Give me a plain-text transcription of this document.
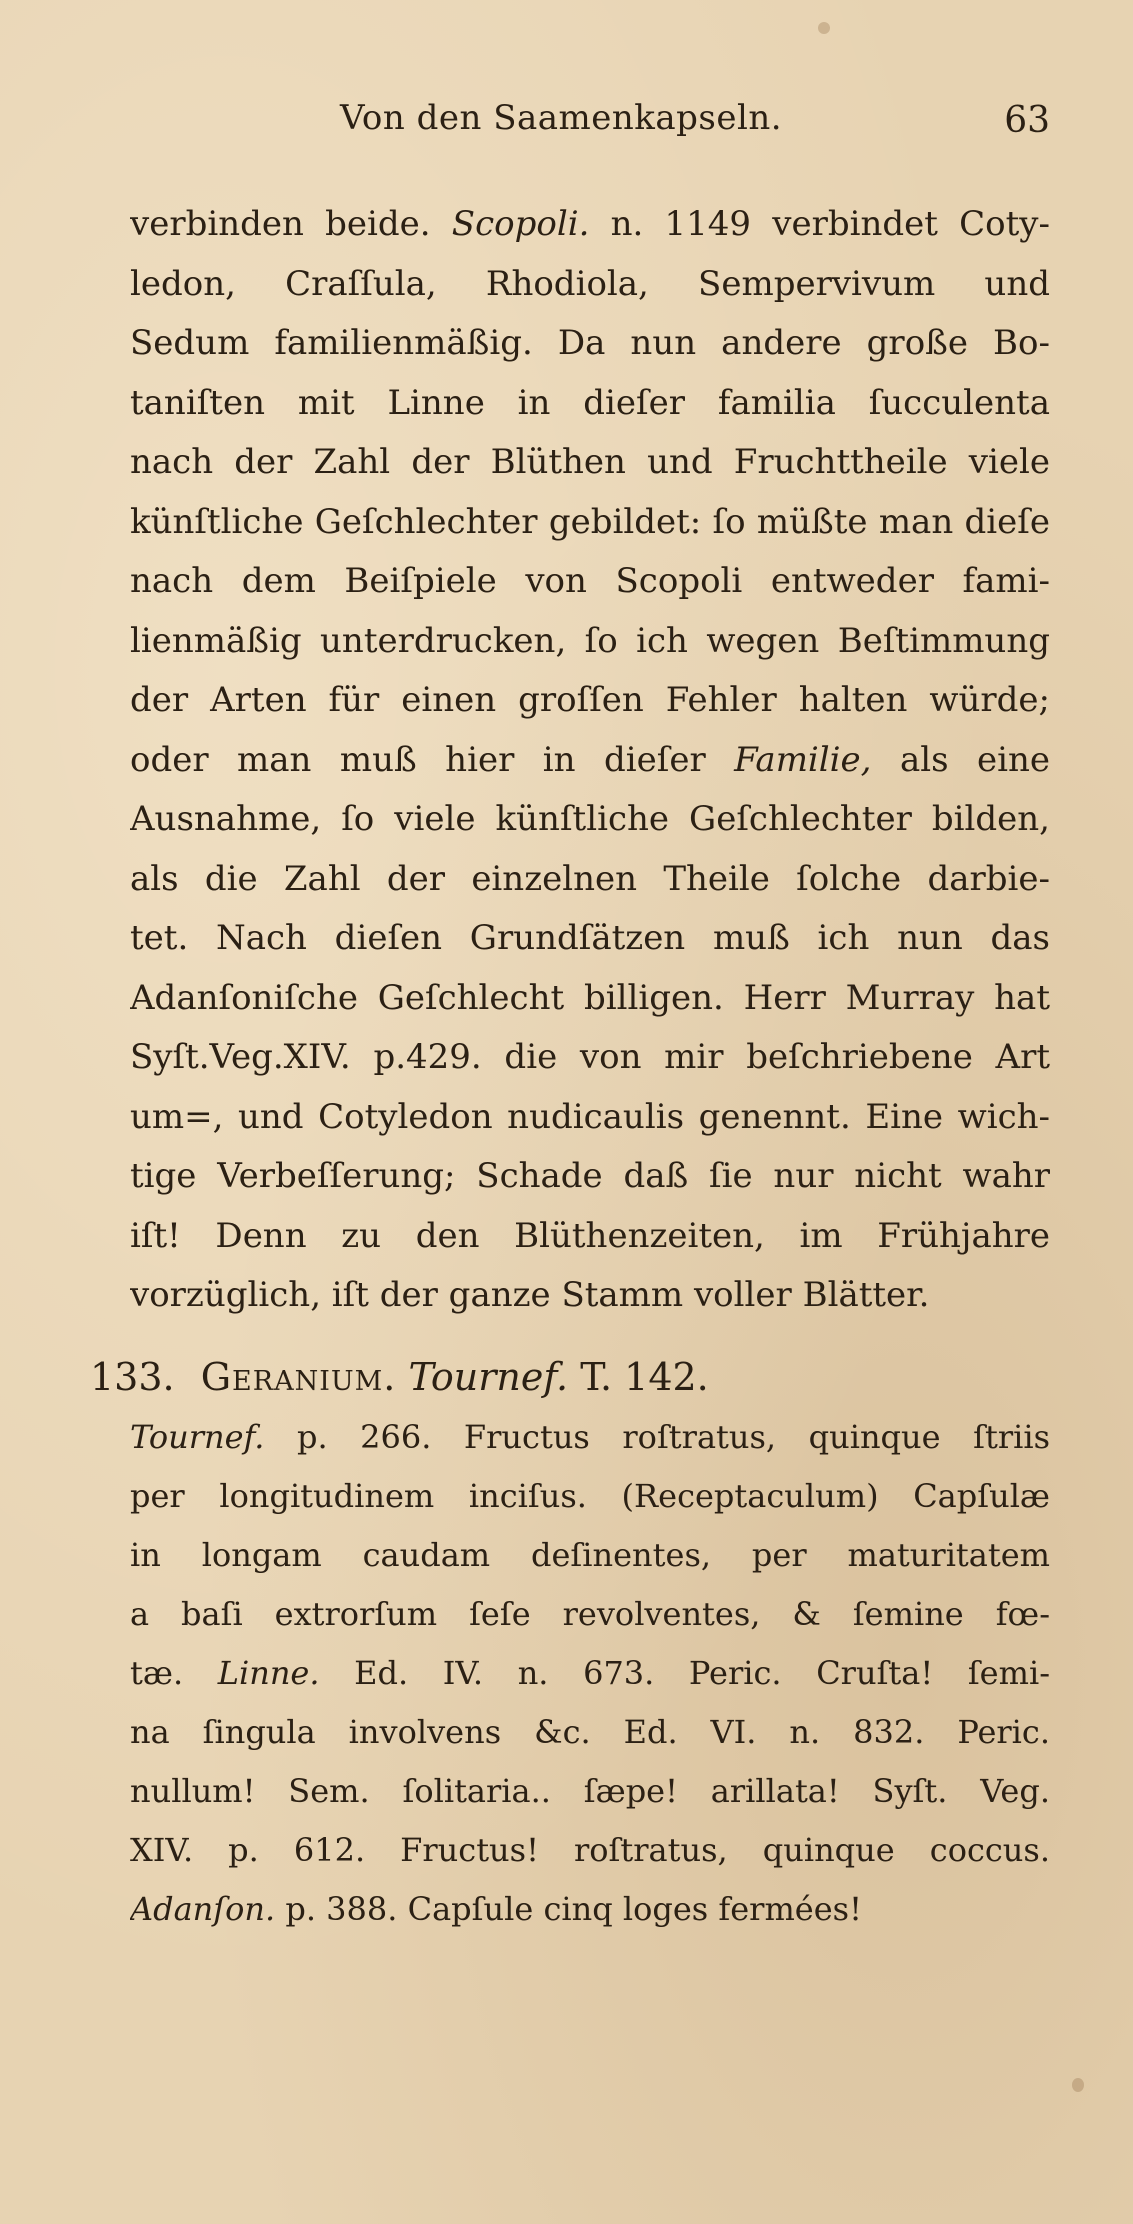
Von den Saamenkapseln.	63
verbinden beide. Scopoli. n. 1149 verbindet Coty-
ledon, Craſſula, Rhodiola, Sempervivum und
Sedum familienmäßig. Da nun andere große Bo-
taniſten mit Linne in dieſer familia ſucculenta
nach der Zahl der Blüthen und Fruchttheile viele
künſtliche Geſchlechter gebildet: ſo müßte man dieſe
nach dem Beiſpiele von Scopoli entweder fami-
lienmäßig unterdrucken, ſo ich wegen Beſtimmung
der Arten für einen groſſen Fehler halten würde;
oder man muß hier in dieſer Familie, als eine
Ausnahme, ſo viele künſtliche Geſchlechter bilden,
als die Zahl der einzelnen Theile ſolche darbie-
tet. Nach dieſen Grundſätzen muß ich nun das
Adanſoniſche Geſchlecht billigen. Herr Murray hat
Syſt.Veg.XIV. p.429. die von mir beſchriebene Art
um=, und Cotyledon nudicaulis genennt. Eine wich-
tige Verbeſſerung; Schade daß ſie nur nicht wahr
iſt! Denn zu den Blüthenzeiten, im Frühjahre
vorzüglich, iſt der ganze Stamm voller Blätter.
133. Geranium. Tournef. T. 142.
Tournef. p. 266. Fructus roſtratus, quinque ſtriis
per longitudinem inciſus. (Receptaculum) Capſulæ
in longam caudam deſinentes, per maturitatem
a baſi extrorſum ſeſe revolventes, & ſemine fœ-
tæ. Linne. Ed. IV. n. 673. Peric. Cruſta! ſemi-
na ſingula involvens &c. Ed. VI. n. 832. Peric.
nullum! Sem. ſolitaria.. ſæpe! arillata! Syſt. Veg.
XIV. p. 612. Fructus! roſtratus, quinque coccus.
Adanſon. p. 388. Capſule cinq loges fermées!
